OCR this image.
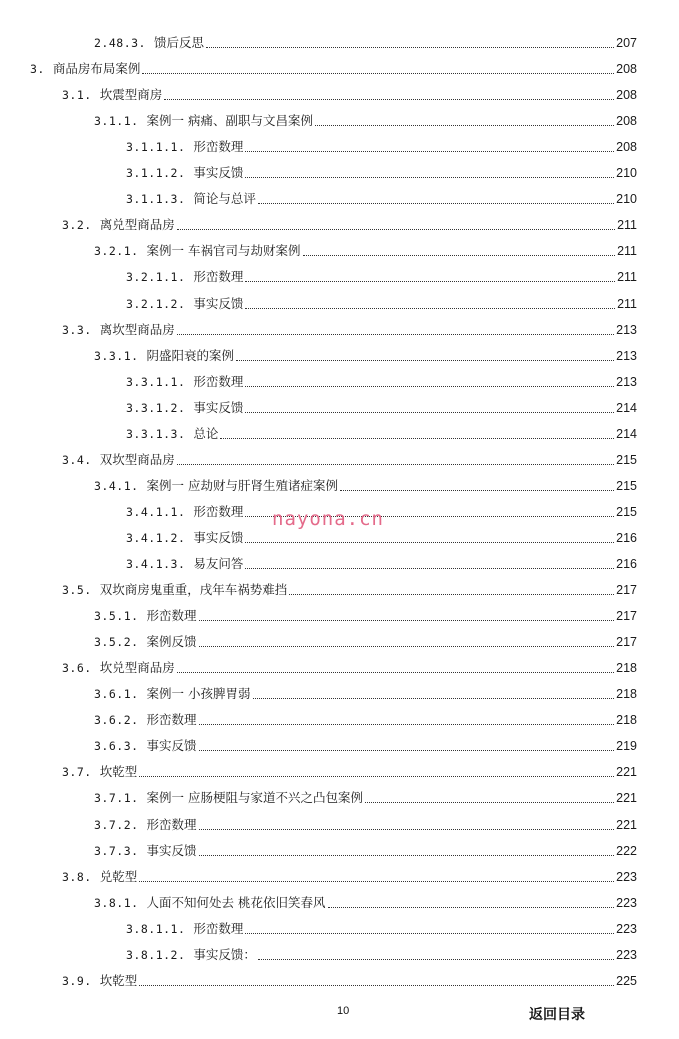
2.48.3. 馈后反思	207
3. 商品房布局案例	208
3.1. 坎震型商房	208
3.1.1. 案例一 病痛、副职与文昌案例	208
3.1.1.1. 形峦数理	208
3.1.1.2. 事实反馈	210
3.1.1.3. 简论与总评	210
3.2. 离兑型商品房	211
3.2.1. 案例一 车祸官司与劫财案例	211
3.2.1.1. 形峦数理	211
3.2.1.2. 事实反馈	211
3.3. 离坎型商品房	213
3.3.1. 阴盛阳衰的案例	213
3.3.1.1. 形峦数理	213
3.3.1.2. 事实反馈	214
3.3.1.3. 总论	214
3.4. 双坎型商品房	215
3.4.1. 案例一 应劫财与肝肾生殖诸症案例	215
3.4.1.1. 形峦数理	215
3.4.1.2. 事实反馈	216
3.4.1.3. 易友问答	216
3.5. 双坎商房鬼重重，戌年车祸势难挡	217
3.5.1. 形峦数理	217
3.5.2. 案例反馈	217
3.6. 坎兑型商品房	218
3.6.1. 案例一 小孩脾胃弱	218
3.6.2. 形峦数理	218
3.6.3. 事实反馈	219
3.7. 坎乾型	221
3.7.1. 案例一 应肠梗阻与家道不兴之凸包案例	221
3.7.2. 形峦数理	221
3.7.3. 事实反馈	222
3.8. 兑乾型	223
3.8.1. 人面不知何处去 桃花依旧笑春风	223
3.8.1.1. 形峦数理	223
3.8.1.2. 事实反馈：	223
3.9. 坎乾型	225
nayona.cn
10	返回目录
